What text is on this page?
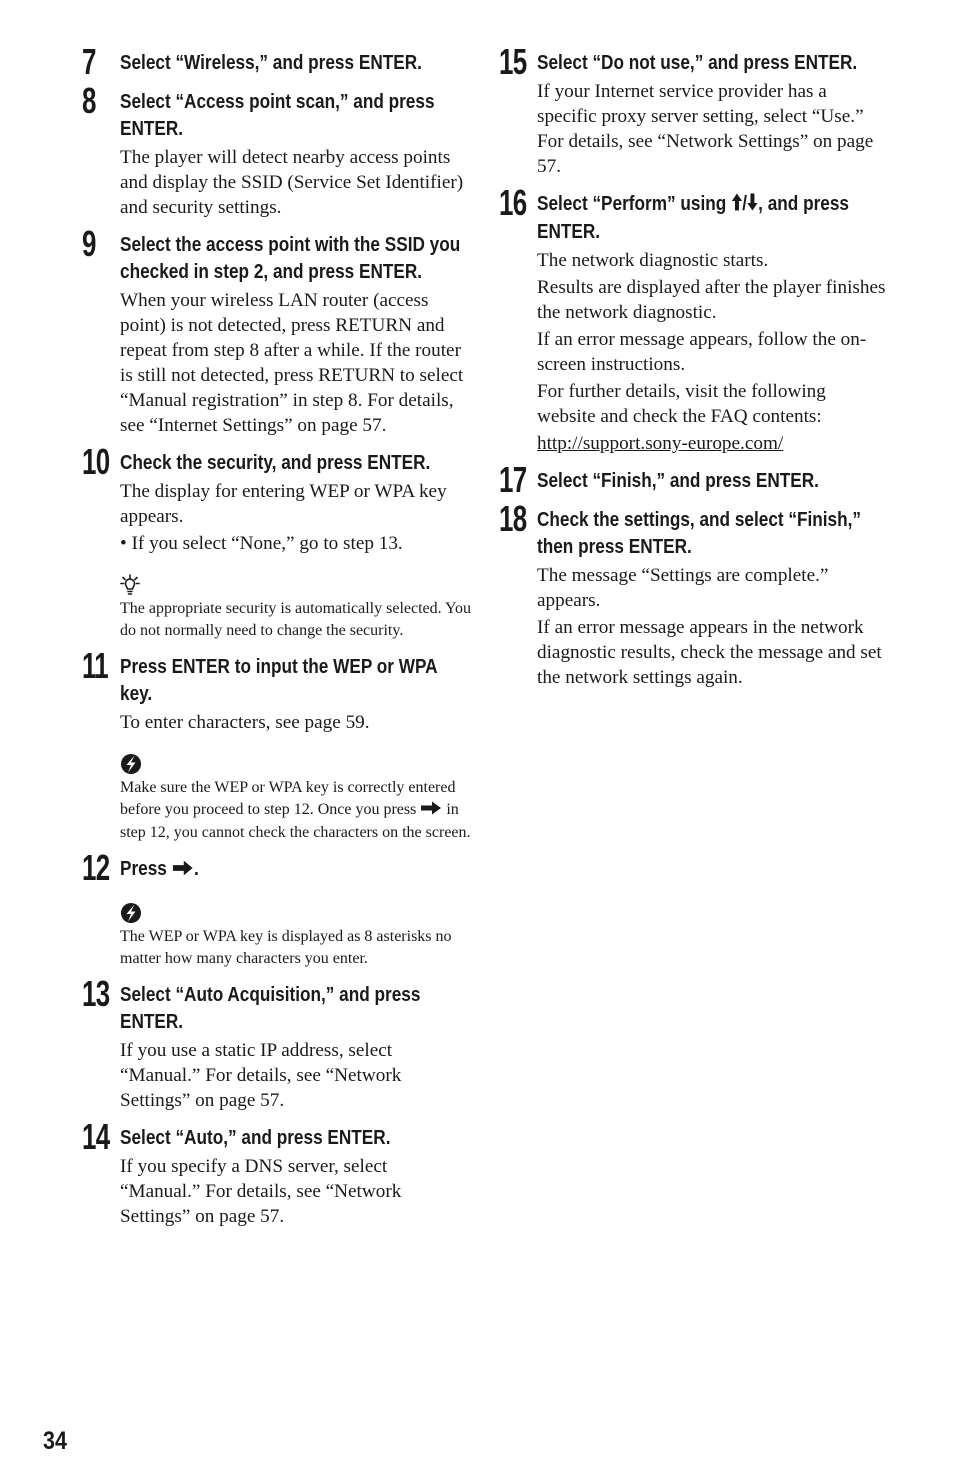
7 Select “Wireless,” and press ENTER.
8 Select “Access point scan,” and press ENTER.
The player will detect nearby access points and display the SSID (Service Set Identifier) and security settings.
9 Select the access point with the SSID you checked in step 2, and press ENTER.
When your wireless LAN router (access point) is not detected, press RETURN and repeat from step 8 after a while. If the router is still not detected, press RETURN to select “Manual registration” in step 8. For details, see “Internet Settings” on page 57.
10 Check the security, and press ENTER.
The display for entering WEP or WPA key appears.
• If you select “None,” go to step 13.
The appropriate security is automatically selected. You do not normally need to change the security.
11 Press ENTER to input the WEP or WPA key.
To enter characters, see page 59.
Make sure the WEP or WPA key is correctly entered before you proceed to step 12. Once you press in step 12, you cannot check the characters on the screen.
12 Press .
The WEP or WPA key is displayed as 8 asterisks no matter how many characters you enter.
13 Select “Auto Acquisition,” and press ENTER.
If you use a static IP address, select “Manual.” For details, see “Network Settings” on page 57.
14 Select “Auto,” and press ENTER.
If you specify a DNS server, select “Manual.” For details, see “Network Settings” on page 57.
15 Select “Do not use,” and press ENTER.
If your Internet service provider has a specific proxy server setting, select “Use.” For details, see “Network Settings” on page 57.
16 Select “Perform” using / , and press ENTER.
The network diagnostic starts.
Results are displayed after the player finishes the network diagnostic.
If an error message appears, follow the on-screen instructions.
For further details, visit the following website and check the FAQ contents:
http://support.sony-europe.com/
17 Select “Finish,” and press ENTER.
18 Check the settings, and select “Finish,” then press ENTER.
The message “Settings are complete.” appears.
If an error message appears in the network diagnostic results, check the message and set the network settings again.
34
